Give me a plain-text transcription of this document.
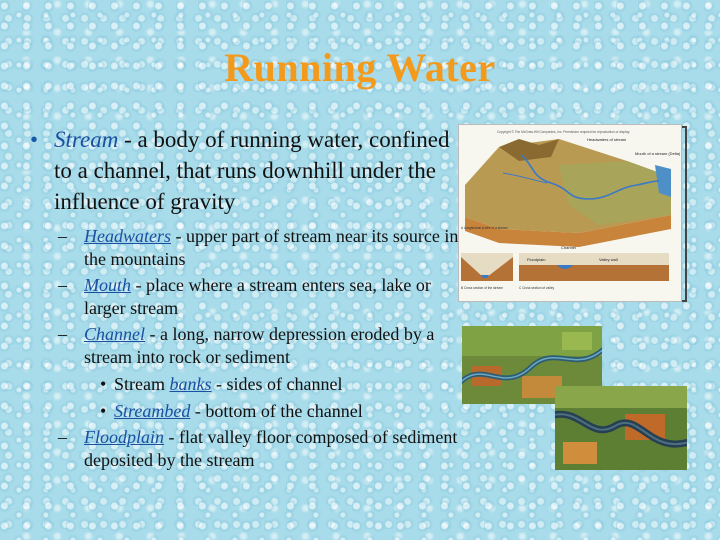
Running Water
• Stream - a body of running water, confined to a channel, that runs downhill under the influence of gravity
– Headwaters - upper part of stream near its source in the mountains
– Mouth - place where a stream enters sea, lake or larger stream
– Channel - a long, narrow depression eroded by a stream into rock or sediment
• Stream banks - sides of channel
• Streambed - bottom of the channel
– Floodplain - flat valley floor composed of sediment deposited by the stream
Copyright © The McGraw-Hill Companies, Inc. Permission required for reproduction or display.
Floodplain
Channel
Valley wall
Headwaters of stream
Mouth of a stream (Delta)
A Longitudinal profile of a stream
B Cross section of the stream	C Cross section of valley
